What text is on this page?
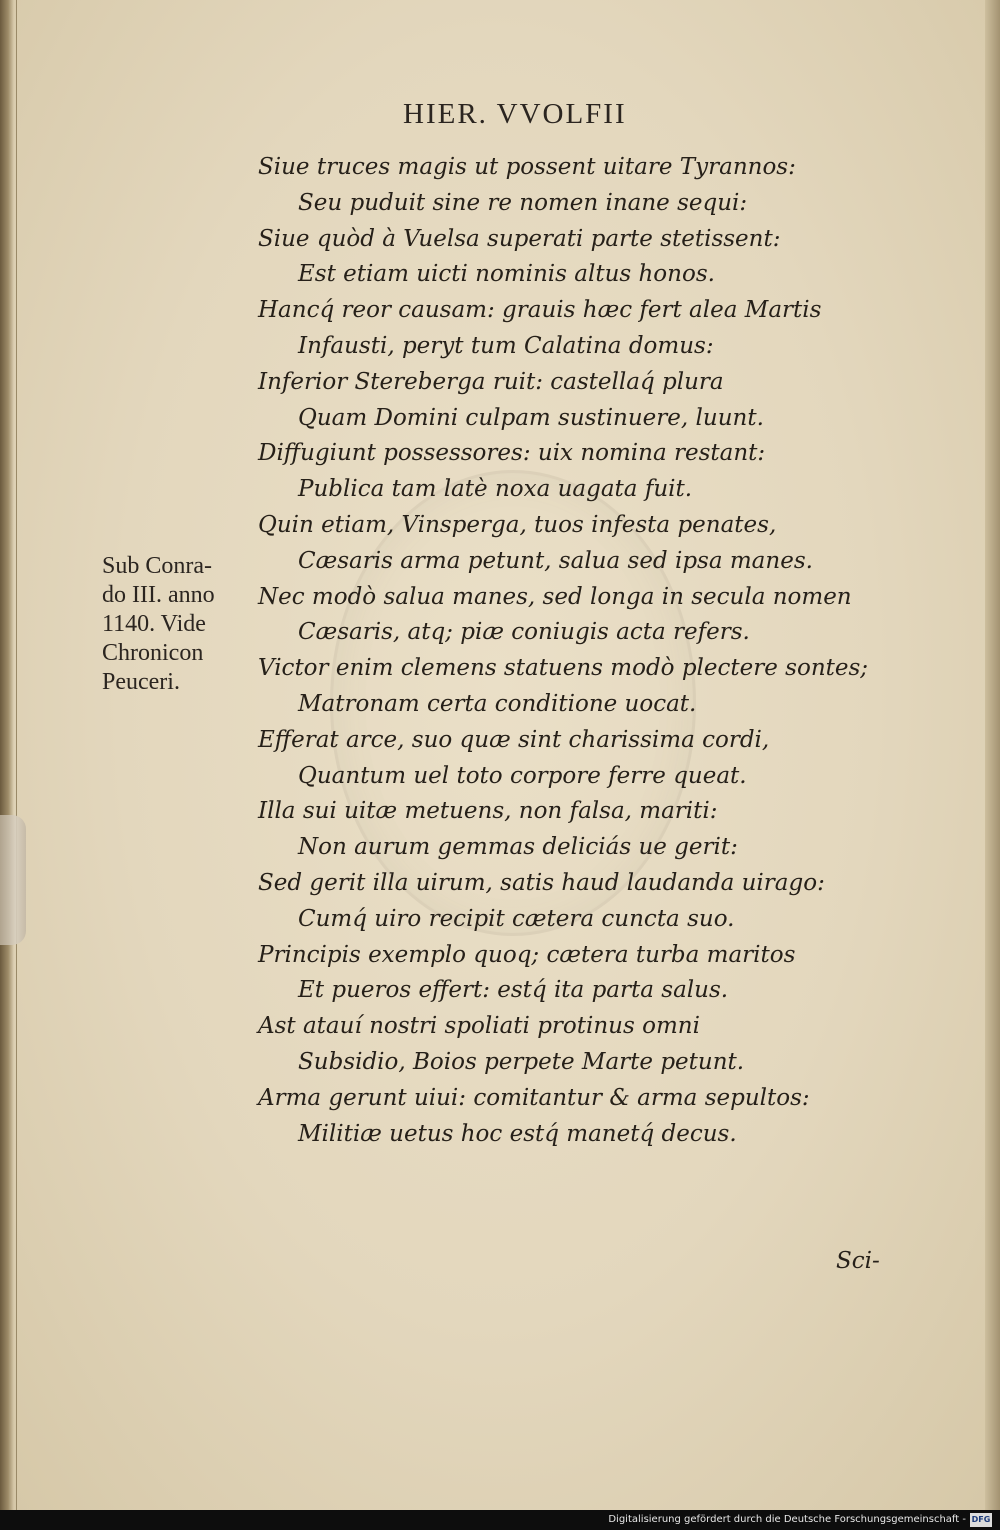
HIER. VVOLFII
Sub Conra-
do III. anno
1140. Vide
Chronicon
Peuceri.
Siue truces magis ut possent uitare Tyrannos:
Seu puduit sine re nomen inane sequi:
Siue quòd à Vuelsa superati parte stetissent:
Est etiam uicti nominis altus honos.
Hancq́ reor causam: grauis hæc fert alea Martis
Infausti, peryt tum Calatina domus:
Inferior Stereberga ruit: castellaq́ plura
Quam Domini culpam sustinuere, luunt.
Diffugiunt possessores: uix nomina restant:
Publica tam latè noxa uagata fuit.
Quin etiam, Vinsperga, tuos infesta penates,
Cæsaris arma petunt, salua sed ipsa manes.
Nec modò salua manes, sed longa in secula nomen
Cæsaris, atq; piæ coniugis acta refers.
Victor enim clemens statuens modò plectere sontes;
Matronam certa conditione uocat.
Efferat arce, suo quæ sint charissima cordi,
Quantum uel toto corpore ferre queat.
Illa sui uitæ metuens, non falsa, mariti:
Non aurum gemmas deliciás ue gerit:
Sed gerit illa uirum, satis haud laudanda uirago:
Cumq́ uiro recipit cætera cuncta suo.
Principis exemplo quoq; cætera turba maritos
Et pueros effert: estq́ ita parta salus.
Ast atauí nostri spoliati protinus omni
Subsidio, Boios perpete Marte petunt.
Arma gerunt uiui: comitantur & arma sepultos:
Militiæ uetus hoc estq́ manetq́ decus.
Sci-
Digitalisierung gefördert durch die Deutsche Forschungsgemeinschaft - DFG
